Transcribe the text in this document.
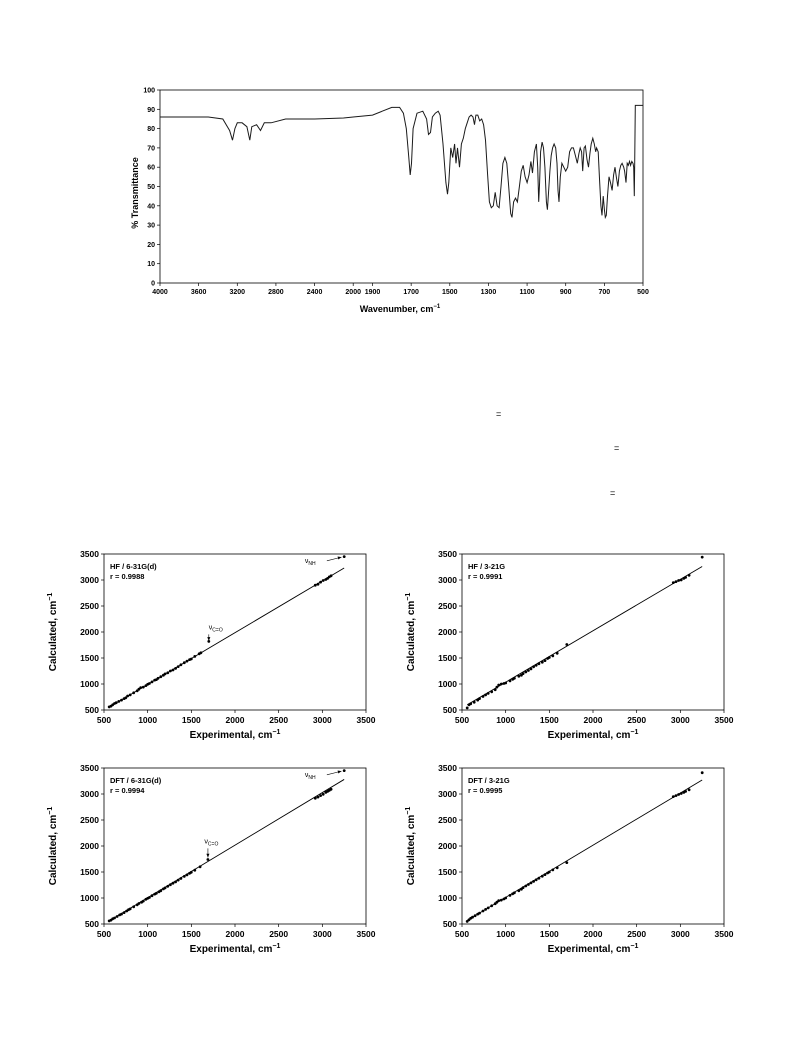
% Transmittance
0
10
20
30
40
50
60
70
80
90
100
4000	3600	3200	2800	2400	2000 1900	1700	1500	1300	1100	900	700	500
Wavenumber, $cm^{-1}$
=
=
=
500
1000
1500
2000
2500
3000
3500
500	1000	1500	2000	2500	3000	3500
Experimental, $cm^{-1}$
Calculated, $cm^{-1}$
HF / 6-31G(d)
r = 0.9988
$\nu_{C=O}$
$\nu_{NH}$
500
1000
1500
2000
2500
3000
3500
500	1000	1500	2000	2500	3000	3500
Experimental, $cm^{-1}$
Calculated, $cm^{-1}$
HF / 3-21G
r = 0.9991
500
1000
1500
2000
2500
3000
3500
500	1000	1500	2000	2500	3000	3500
Experimental, $cm^{-1}$
Calculated, $cm^{-1}$
DFT / 6-31G(d)
r = 0.9994
$\nu_{C=O}$
$\nu_{NH}$
500
1000
1500
2000
2500
3000
3500
500	1000	1500	2000	2500	3000	3500
Experimental, $cm^{-1}$
Calculated, $cm^{-1}$
DFT / 3-21G
r = 0.9995
